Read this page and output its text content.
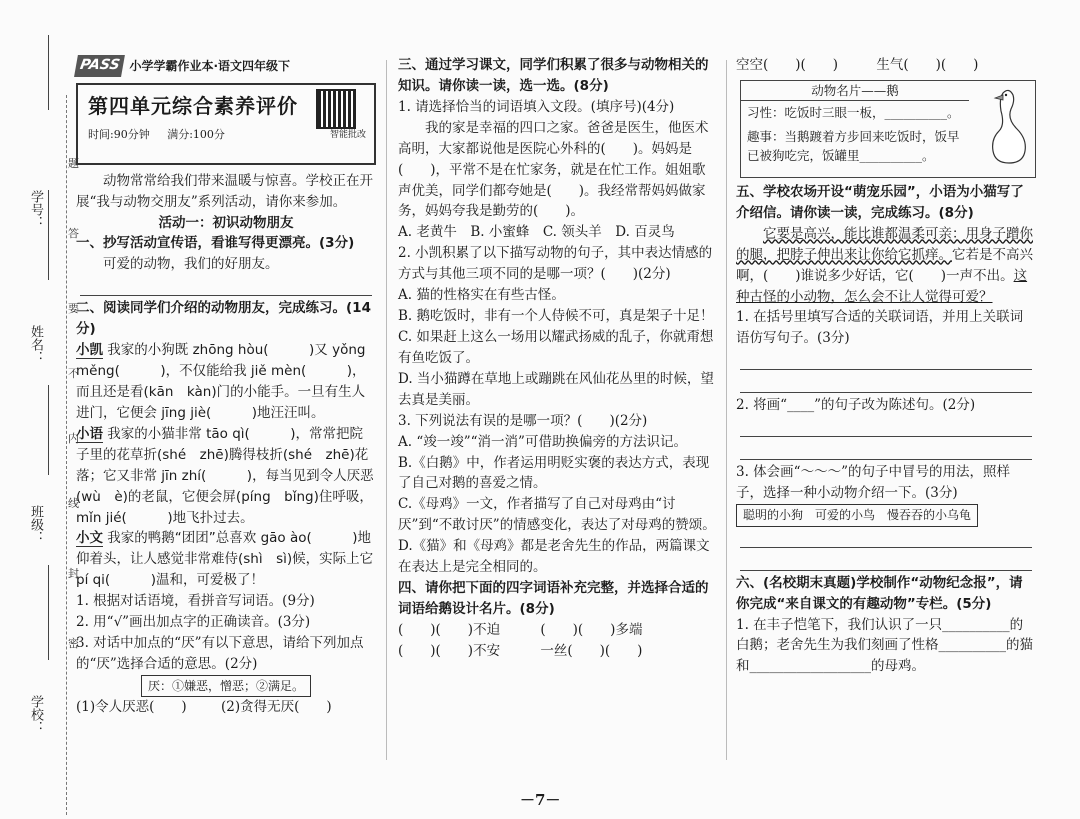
学号：
姓名：
班级：
学校：
题
答
要
不
内
线
封
密
PASS 小学学霸作业本·语文四年级下
第四单元综合素养评价
时间:90分钟 满分:100分	智能批改

动物常常给我们带来温暖与惊喜。学校正在开展“我与动物交朋友”系列活动，请你来参加。

活动一：初识动物朋友

一、抄写活动宣传语，看谁写得更漂亮。(3分)

可爱的动物，我们的好朋友。

二、阅读同学们介绍的动物朋友，完成练习。(14分)

小凯 我家的小狗既 zhōng hòu(　　　)又 yǒng měng(　　　)，不仅能给我 jiě mèn(　　　)，而且还是看(kān　kàn)门的小能手。一旦有生人进门，它便会 jīng jiè(　　　)地汪汪叫。

小语 我家的小猫非常 tāo qì(　　　)，常常把院子里的花草折(shé　zhē)腾得枝折(shé　zhē)花落；它又非常 jīn zhí(　　　)，每当见到令人厌恶(wù　è)的老鼠，它便会屏(píng　bǐng)住呼吸，mǐn jié(　　　)地飞扑过去。

小文 我家的鸭鹅“团团”总喜欢 gāo ào(　　　)地仰着头，让人感觉非常难侍(shì　sì)候，实际上它 pí qi(　　　)温和，可爱极了！

1. 根据对话语境，看拼音写词语。(9分)

2. 用“√”画出加点字的正确读音。(3分)

3. 对话中加点的“厌”有以下意思，请给下列加点的“厌”选择合适的意思。(2分)

厌：①嫌恶，憎恶；②满足。

(1)令人厌恶(　　)	(2)贪得无厌(　　)

三、通过学习课文，同学们积累了很多与动物相关的知识。请你读一读，选一选。(8分)

1. 请选择恰当的词语填入文段。(填序号)(4分)

我的家是幸福的四口之家。爸爸是医生，他医术高明，大家都说他是医院心外科的(　　)。妈妈是(　　)，平常不是在忙家务，就是在忙工作。姐姐歌声优美，同学们都夸她是(　　)。我经常帮妈妈做家务，妈妈夸我是勤劳的(　　)。

A. 老黄牛　B. 小蜜蜂　C. 领头羊　D. 百灵鸟

2. 小凯积累了以下描写动物的句子，其中表达情感的方式与其他三项不同的是哪一项？(　　)(2分)

A. 猫的性格实在有些古怪。

B. 鹅吃饭时，非有一个人侍候不可，真是架子十足！

C. 如果赶上这么一场用以耀武扬威的乱子，你就甭想有鱼吃饭了。

D. 当小猫蹲在草地上或蹦跳在风仙花丛里的时候，望去真是美丽。

3. 下列说法有误的是哪一项？(　　)(2分)

A. “竣一竣”“消一消”可借助换偏旁的方法识记。

B.《白鹅》中，作者运用明贬实褒的表达方式，表现了自己对鹅的喜爱之情。

C.《母鸡》一文，作者描写了自己对母鸡由“讨厌”到“不敢讨厌”的情感变化，表达了对母鸡的赞颂。

D.《猫》和《母鸡》都是老舍先生的作品，两篇课文在表达上是完全相同的。

四、请你把下面的四字词语补充完整，并选择合适的词语给鹅设计名片。(8分)

(　　)(　　)不迫	(　　)(　　)多端

(　　)(　　)不安	一丝(　　)(　　)

空空(　　)(　　)	生气(　　)(　　)

动物名片——鹅
习性：吃饭时三眼一板，__________。
趣事：当鹅踱着方步回来吃饭时，饭早已被狗吃完，饭罐里__________。

五、学校农场开设“萌宠乐园”，小语为小猫写了介绍信。请你读一读，完成练习。(8分)

它要是高兴，能比谁都温柔可亲：用身子蹭你的腿，把脖子伸出来让你给它抓痒。它若是不高兴啊，(　　)谁说多少好话，它(　　)一声不出。这种古怪的小动物，怎么会不让人觉得可爱？

1. 在括号里填写合适的关联词语，并用上关联词语仿写句子。(3分)

2. 将画“____”的句子改为陈述句。(2分)

3. 体会画“～～～”的句子中冒号的用法，照样子，选择一种小动物介绍一下。(3分)

聪明的小狗　可爱的小鸟　慢吞吞的小乌龟

六、(名校期末真题)学校制作“动物纪念报”，请你完成“来自课文的有趣动物”专栏。(5分)

1. 在丰子恺笔下，我们认识了一只__________的白鹅；老舍先生为我们刻画了性格__________的猫和__________________的母鸡。

－7－
